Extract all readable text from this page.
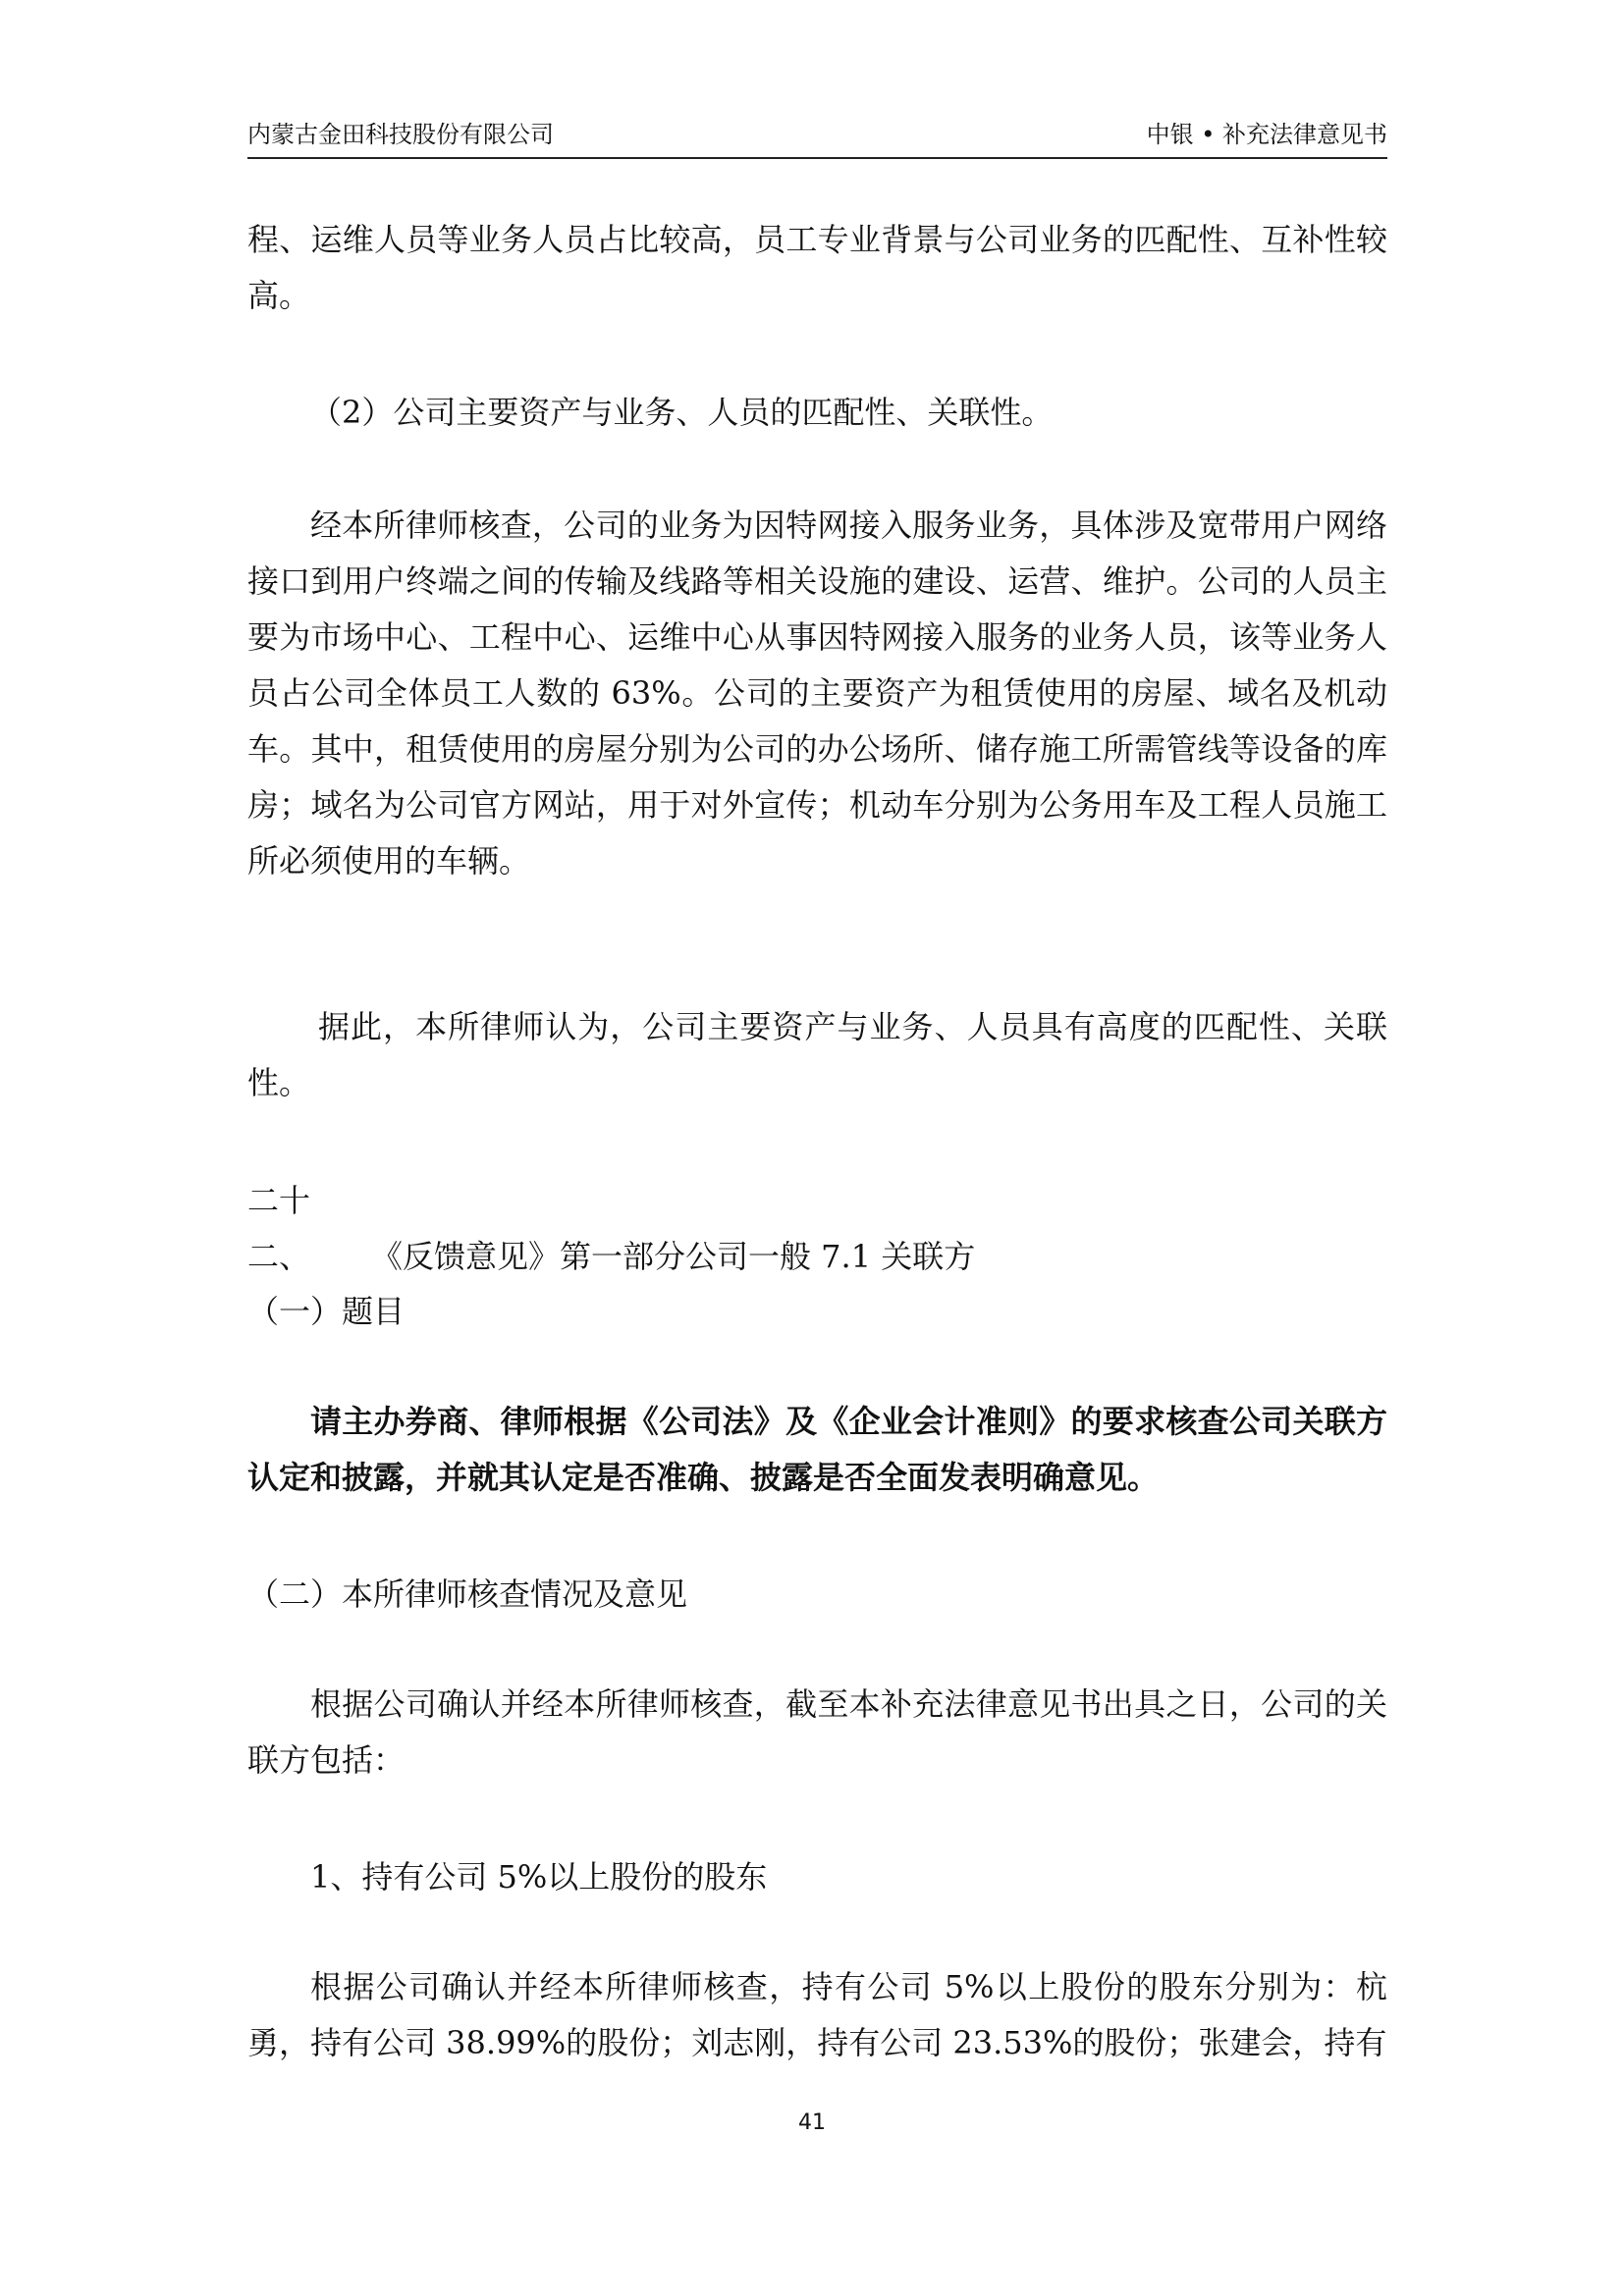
内蒙古金田科技股份有限公司	中银 • 补充法律意见书

程、运维人员等业务人员占比较高，员工专业背景与公司业务的匹配性、互补性较高。

（2）公司主要资产与业务、人员的匹配性、关联性。

经本所律师核查，公司的业务为因特网接入服务业务，具体涉及宽带用户网络接口到用户终端之间的传输及线路等相关设施的建设、运营、维护。公司的人员主要为市场中心、工程中心、运维中心从事因特网接入服务的业务人员，该等业务人员占公司全体员工人数的 63%。公司的主要资产为租赁使用的房屋、域名及机动车。其中，租赁使用的房屋分别为公司的办公场所、储存施工所需管线等设备的库房；域名为公司官方网站，用于对外宣传；机动车分别为公务用车及工程人员施工所必须使用的车辆。

据此，本所律师认为，公司主要资产与业务、人员具有高度的匹配性、关联性。

二十二、 《反馈意见》第一部分公司一般 7.1 关联方

（一）题目

请主办券商、律师根据《公司法》及《企业会计准则》的要求核查公司关联方认定和披露，并就其认定是否准确、披露是否全面发表明确意见。

（二）本所律师核查情况及意见

根据公司确认并经本所律师核查，截至本补充法律意见书出具之日，公司的关联方包括：

1、持有公司 5%以上股份的股东

根据公司确认并经本所律师核查，持有公司 5%以上股份的股东分别为：杭勇，持有公司 38.99%的股份；刘志刚，持有公司 23.53%的股份；张建会，持有

41
